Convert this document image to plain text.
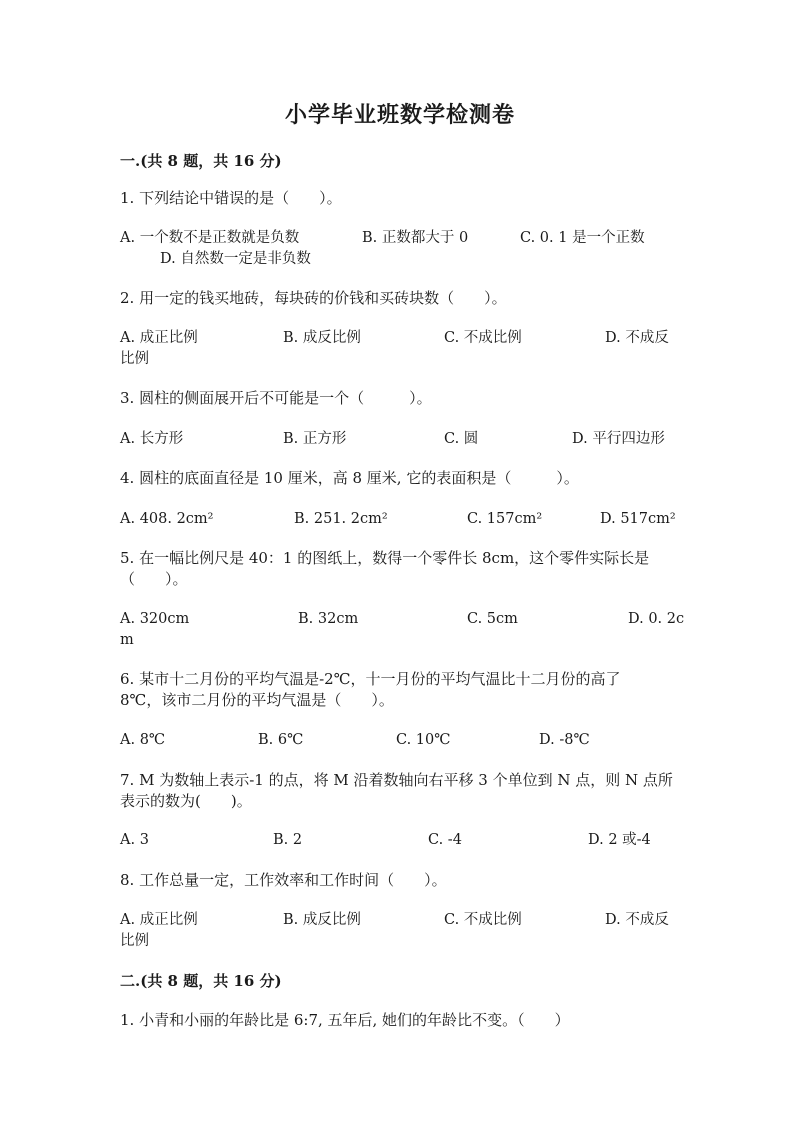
小学毕业班数学检测卷
一.(共 8 题，共 16 分)
1. 下列结论中错误的是（　　）。
A. 一个数不是正数就是负数	B. 正数都大于 0	C. 0. 1 是一个正数
D. 自然数一定是非负数
2. 用一定的钱买地砖，每块砖的价钱和买砖块数（　　）。
A. 成正比例	B. 成反比例	C. 不成比例	D. 不成反
比例
3. 圆柱的侧面展开后不可能是一个（　　　）。
A. 长方形	B. 正方形	C. 圆	D. 平行四边形
4. 圆柱的底面直径是 10 厘米，高 8 厘米, 它的表面积是（　　　）。
A. 408. 2cm²	B. 251. 2cm²	C. 157cm²	D. 517cm²
5. 在一幅比例尺是 40：1 的图纸上，数得一个零件长 8cm，这个零件实际长是
（　　）。
A. 320cm	B. 32cm	C. 5cm	D. 0. 2c
m
6. 某市十二月份的平均气温是-2℃，十一月份的平均气温比十二月份的高了
8℃，该市二月份的平均气温是（　　）。
A. 8℃	B. 6℃	C. 10℃	D. -8℃
7. M 为数轴上表示-1 的点，将 M 沿着数轴向右平移 3 个单位到 N 点，则 N 点所
表示的数为(　　)。
A. 3	B. 2	C. -4	D. 2 或-4
8. 工作总量一定，工作效率和工作时间（　　）。
A. 成正比例	B. 成反比例	C. 不成比例	D. 不成反
比例
二.(共 8 题，共 16 分)
1. 小青和小丽的年龄比是 6:7, 五年后, 她们的年龄比不变。（　　）
